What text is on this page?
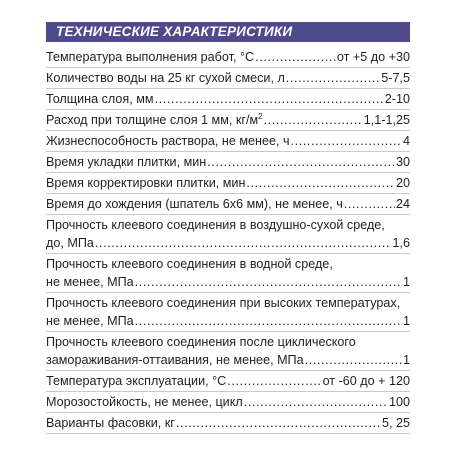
ТЕХНИЧЕСКИЕ ХАРАКТЕРИСТИКИ
Температура выполнения работ, °С .....	от +5 до +30
Количество воды на 25 кг сухой смеси, л .....	5-7,5
Толщина слоя, мм .....	2-10
Расход при толщине слоя 1 мм, $кг/м^2$ .....	1,1-1,25
Жизнеспособность раствора, не менее, ч .....	4
Время укладки плитки, мин .....	30
Время корректировки плитки, мин .....	20
Время до хождения (шпатель 6х6 мм), не менее, ч .....	24
Прочность клеевого соединения в воздушно-сухой среде,
до, МПа .....	1,6
Прочность клеевого соединения в водной среде,
не менее, МПа .....	1
Прочность клеевого соединения при высоких температурах,
не менее, МПа .....	1
Прочность клеевого соединения после циклического
замораживания-оттаивания, не менее, МПа .....	1
Температура эксплуатации, °С .....	от -60 до + 120
Морозостойкость, не менее, цикл .....	100
Варианты фасовки, кг .....	5, 25
